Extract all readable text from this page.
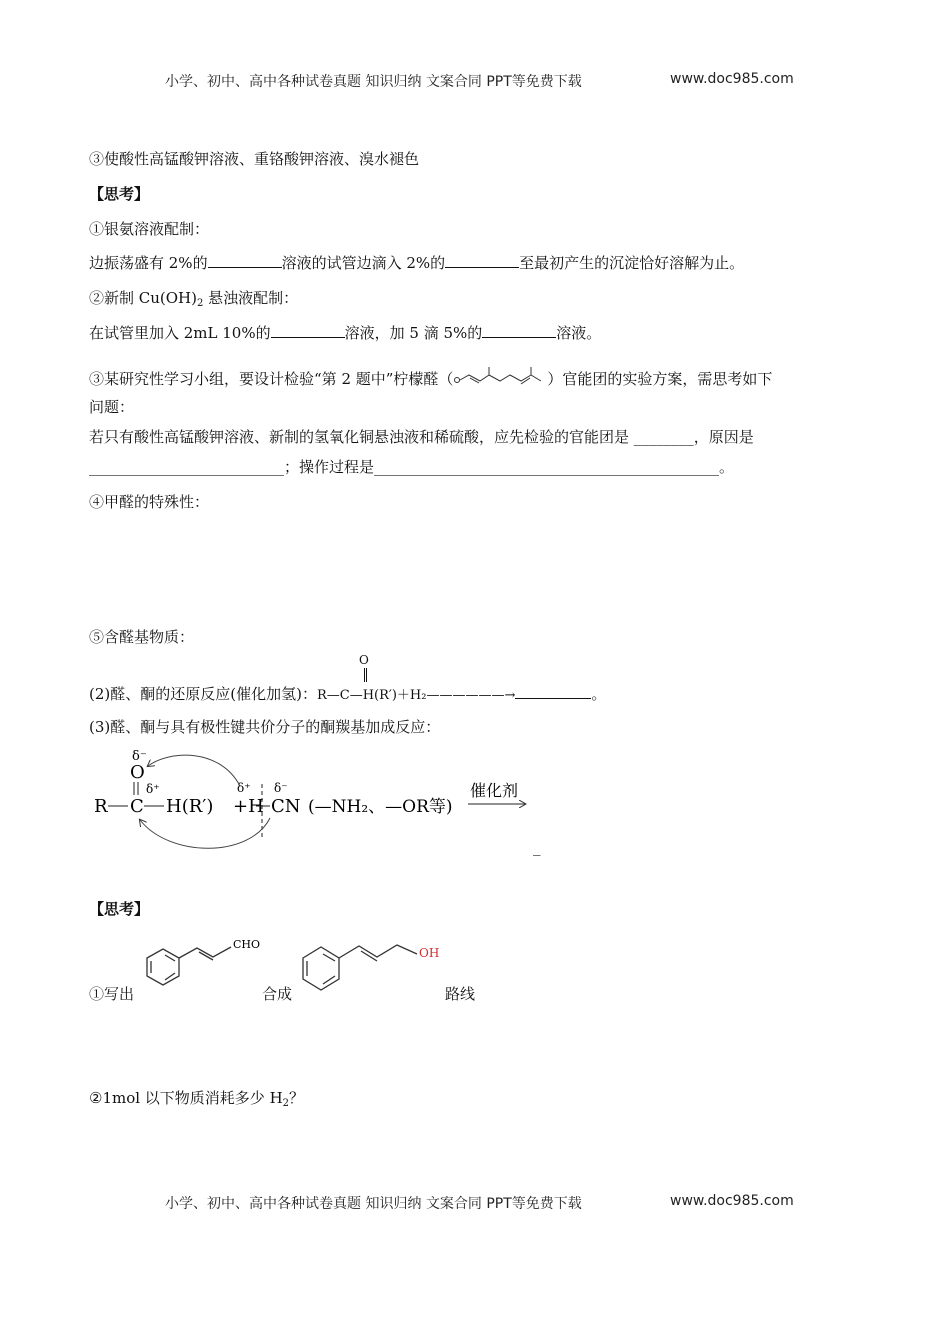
小学、初中、高中各种试卷真题 知识归纳 文案合同 PPT等免费下载	www.doc985.com
③使酸性高锰酸钾溶液、重铬酸钾溶液、溴水褪色
【思考】
①银氨溶液配制：
边振荡盛有 2%的	溶液的试管边滴入 2%的	至最初产生的沉淀恰好溶解为止。
②新制 $Cu(OH)_2$ 悬浊液配制：
在试管里加入 2mL 10%的	溶液，加 5 滴 5%的	溶液。
③某研究性学习小组，要设计检验“第 2 题中”柠檬醛（	）官能团的实验方案，需思考如下
问题：
若只有酸性高锰酸钾溶液、新制的氢氧化铜悬浊液和稀硫酸，应先检验的官能团是 ________，原因是
__________________________；操作过程是______________________________________________。
④甲醛的特殊性：
⑤含醛基物质：
(2)醛、酮的还原反应(催化加氢)：R—C—H(R′)＋H₂——————→	。
O
(3)醛、酮与具有极性键共价分子的酮羰基加成反应：
δ⁻
O
δ⁺
R C H(R′) +H
δ⁺ δ⁻
CN (—NH₂、—OR等)
催化剂
_
【思考】
①写出
CHO
合成
OH
路线
②1mol 以下物质消耗多少 $H_2$？
小学、初中、高中各种试卷真题 知识归纳 文案合同 PPT等免费下载	www.doc985.com
